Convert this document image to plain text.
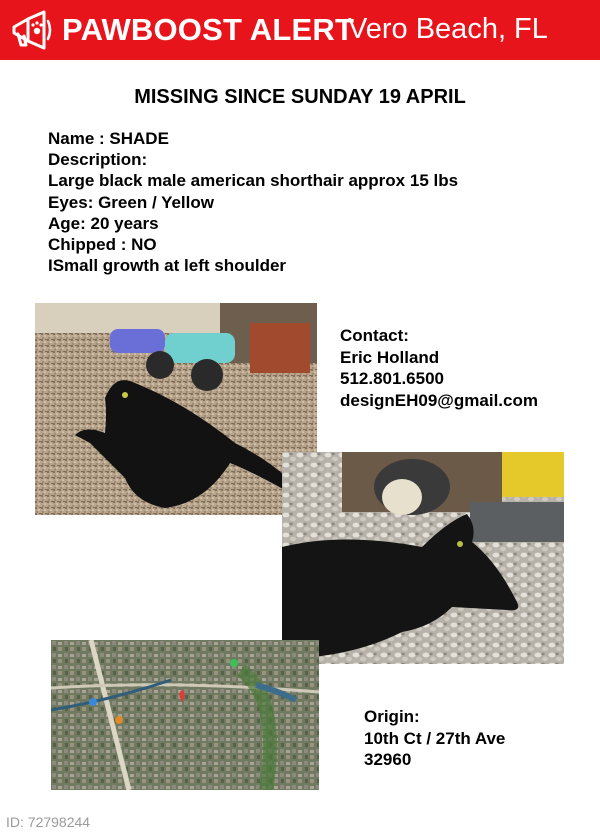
PAWBOOST ALERT
Vero Beach, FL
MISSING SINCE SUNDAY 19 APRIL
Name : SHADE
Description:
Large black male american shorthair approx 15 lbs
Eyes: Green / Yellow
Age: 20 years
Chipped : NO
ISmall growth at left shoulder
Contact:
Eric Holland
512.801.6500
designEH09@gmail.com
Origin:
10th Ct / 27th Ave
32960
ID: 72798244
